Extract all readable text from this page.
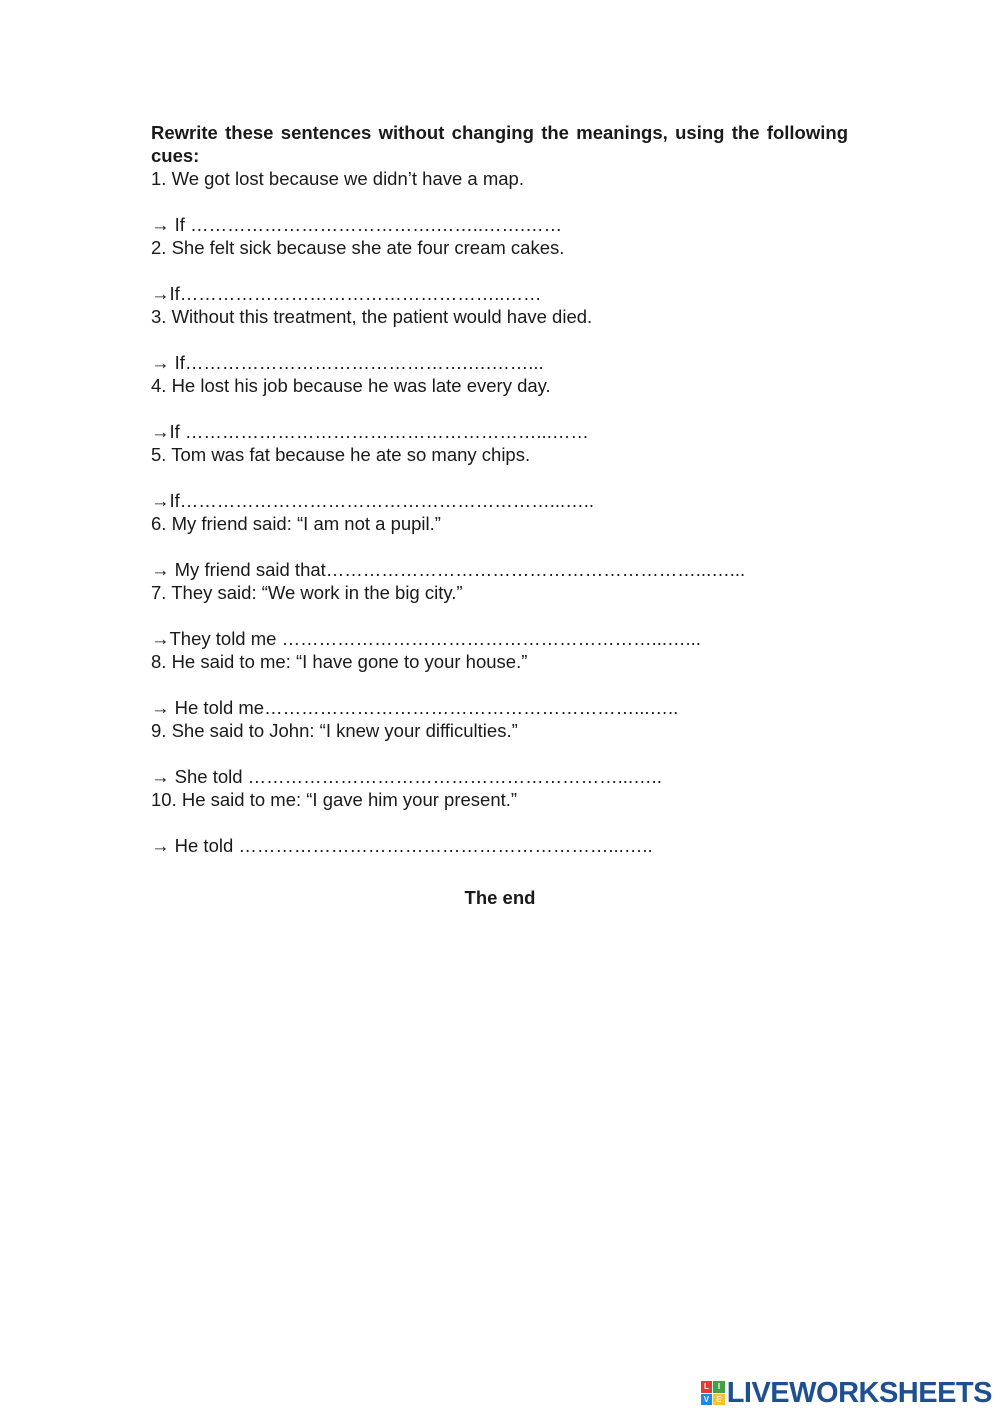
Rewrite these sentences without changing the meanings, using the following cues:

1. We got lost because we didn’t have a map.

→ If ………………………………….……..…….……

2. She felt sick because she ate four cream cakes.

→If……………………………………………..……

3. Without this treatment, the patient would have died.

→ If……………………………………….….……...

4. He lost his job because he was late every day.

→If …………………………………………………...……

5. Tom was fat because he ate so many chips.

→If……………………………………………………...…..

6. My friend said: “I am not a pupil.”

→ My friend said that……………………………………………………...…...

7. They said: “We work in the big city.”

→They told me ……………………………………………………...…...

8. He said to me: “I have gone to your house.”

→ He told me……………………………………………………...…..

9. She said to John: “I knew your difficulties.”

→ She told ……………………………………………………...…..

10. He said to me: “I gave him your present.”

→ He told ……………………………………………………...…..
The end
L	I
V E LIVEWORKSHEETS
